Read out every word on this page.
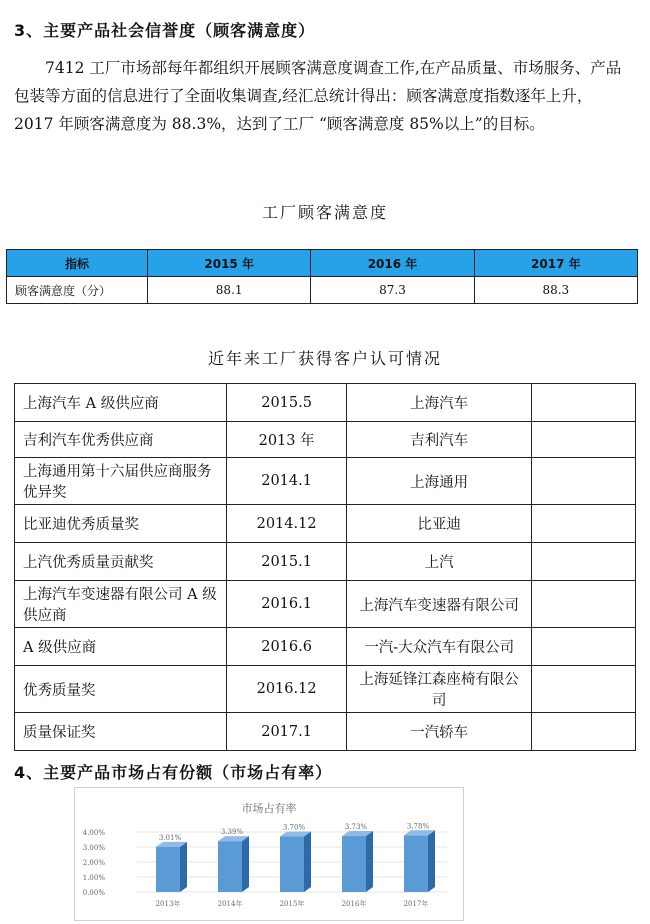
3、主要产品社会信誉度（顾客满意度）

7412 工厂市场部每年都组织开展顾客满意度调查工作,在产品质量、市场服务、产品包装等方面的信息进行了全面收集调查,经汇总统计得出：顾客满意度指数逐年上升，2017 年顾客满意度为 88.3%，达到了工厂 “顾客满意度 85%以上”的目标。

工厂顾客满意度
指标	2015 年	2016 年	2017 年
顾客满意度（分）	88.1	87.3	88.3
近年来工厂获得客户认可情况
上海汽车 A 级供应商	2015.5	上海汽车	
吉利汽车优秀供应商	2013 年	吉利汽车	
上海通用第十六届供应商服务优异奖	2014.1	上海通用	
比亚迪优秀质量奖	2014.12	比亚迪	
上汽优秀质量贡献奖	2015.1	上汽	
上海汽车变速器有限公司 A 级供应商	2016.1	上海汽车变速器有限公司	
A 级供应商	2016.6	一汽-大众汽车有限公司	
优秀质量奖	2016.12	上海延锋江森座椅有限公司	
质量保证奖	2017.1	一汽轿车	
4、主要产品市场占有份额（市场占有率）
市场占有率
0.00%
1.00%
2.00%
3.00%
4.00%
3.01%
2013年
3.39%
2014年
3.70%
2015年
3.73%
2016年
3.78%
2017年
